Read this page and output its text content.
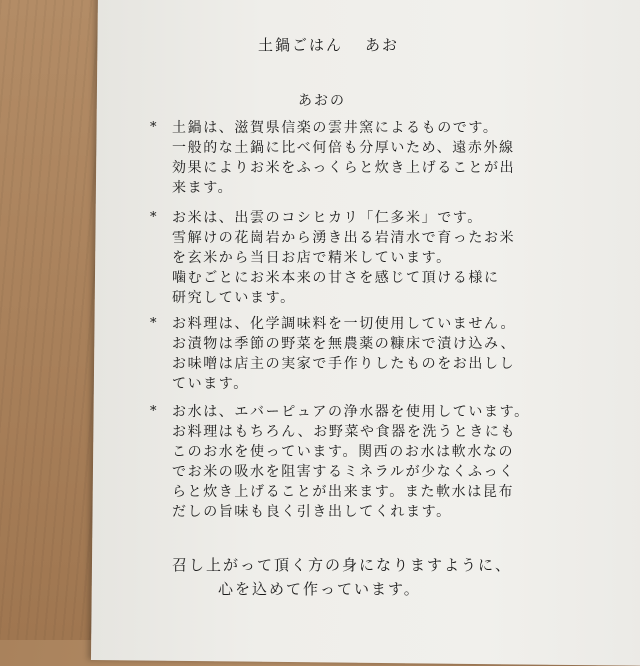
土鍋ごはん あお
あおの
* 土鍋は、滋賀県信楽の雲井窯によるものです。
一般的な土鍋に比べ何倍も分厚いため、遠赤外線
効果によりお米をふっくらと炊き上げることが出
来ます。
* お米は、出雲のコシヒカリ「仁多米」です。
雪解けの花崗岩から湧き出る岩清水で育ったお米
を玄米から当日お店で精米しています。
噛むごとにお米本来の甘さを感じて頂ける様に
研究しています。
* お料理は、化学調味料を一切使用していません。
お漬物は季節の野菜を無農薬の糠床で漬け込み、
お味噌は店主の実家で手作りしたものをお出しし
ています。
* お水は、エバーピュアの浄水器を使用しています。
お料理はもちろん、お野菜や食器を洗うときにも
このお水を使っています。関西のお水は軟水なの
でお米の吸水を阻害するミネラルが少なくふっく
らと炊き上げることが出来ます。また軟水は昆布
だしの旨味も良く引き出してくれます。
召し上がって頂く方の身になりますように、
心を込めて作っています。
